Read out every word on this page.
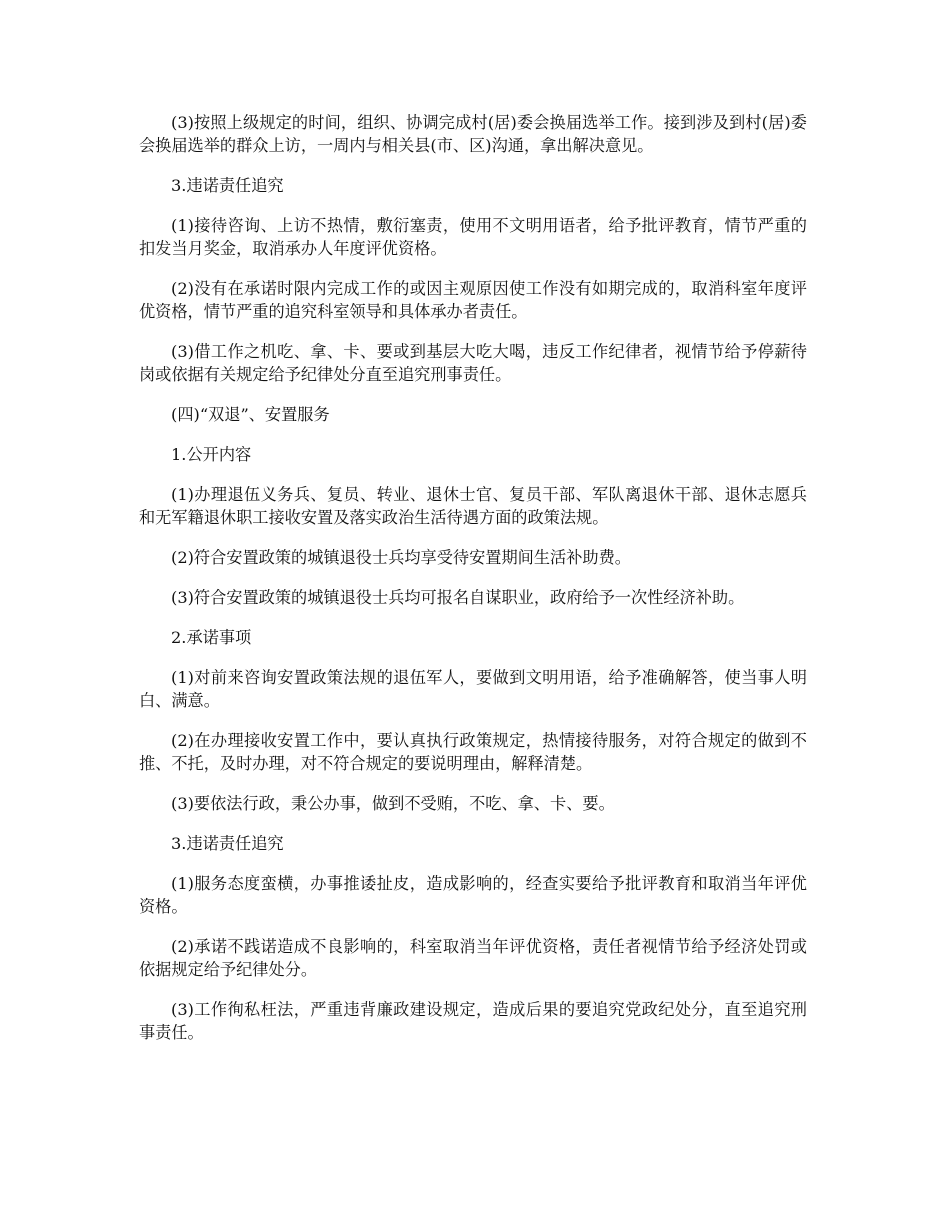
(3)按照上级规定的时间，组织、协调完成村(居)委会换届选举工作。接到涉及到村(居)委会换届选举的群众上访，一周内与相关县(市、区)沟通，拿出解决意见。

3.违诺责任追究

(1)接待咨询、上访不热情，敷衍塞责，使用不文明用语者，给予批评教育，情节严重的扣发当月奖金，取消承办人年度评优资格。

(2)没有在承诺时限内完成工作的或因主观原因使工作没有如期完成的，取消科室年度评优资格，情节严重的追究科室领导和具体承办者责任。

(3)借工作之机吃、拿、卡、要或到基层大吃大喝，违反工作纪律者，视情节给予停薪待岗或依据有关规定给予纪律处分直至追究刑事责任。

(四)“双退”、安置服务

1.公开内容

(1)办理退伍义务兵、复员、转业、退休士官、复员干部、军队离退休干部、退休志愿兵和无军籍退休职工接收安置及落实政治生活待遇方面的政策法规。

(2)符合安置政策的城镇退役士兵均享受待安置期间生活补助费。

(3)符合安置政策的城镇退役士兵均可报名自谋职业，政府给予一次性经济补助。

2.承诺事项

(1)对前来咨询安置政策法规的退伍军人，要做到文明用语，给予准确解答，使当事人明白、满意。

(2)在办理接收安置工作中，要认真执行政策规定，热情接待服务，对符合规定的做到不推、不托，及时办理，对不符合规定的要说明理由，解释清楚。

(3)要依法行政，秉公办事，做到不受贿，不吃、拿、卡、要。

3.违诺责任追究

(1)服务态度蛮横，办事推诿扯皮，造成影响的，经查实要给予批评教育和取消当年评优资格。

(2)承诺不践诺造成不良影响的，科室取消当年评优资格，责任者视情节给予经济处罚或依据规定给予纪律处分。

(3)工作徇私枉法，严重违背廉政建设规定，造成后果的要追究党政纪处分，直至追究刑事责任。
